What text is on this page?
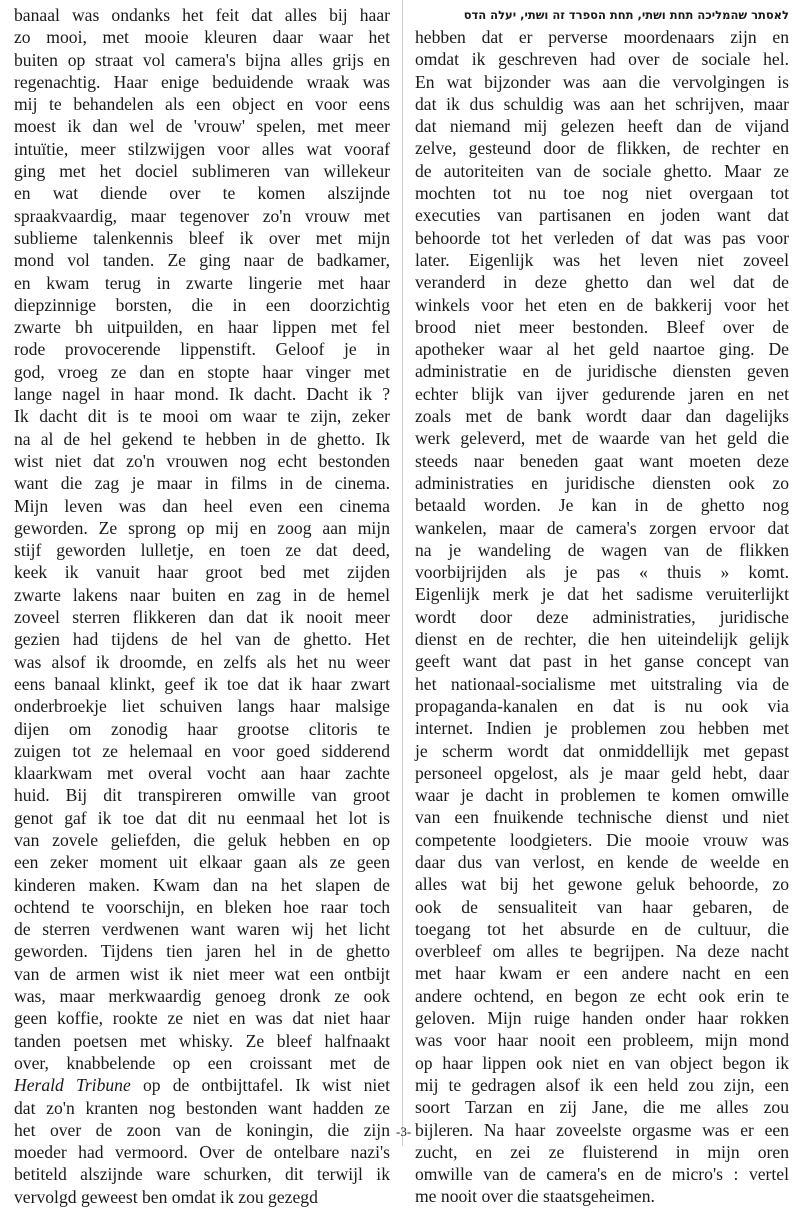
banaal was ondanks het feit dat alles bij haar
zo mooi, met mooie kleuren daar waar het
buiten op straat vol camera's bijna alles grijs en
regenachtig. Haar enige beduidende wraak was
mij te behandelen als een object en voor eens
moest ik dan wel de 'vrouw' spelen, met meer
intuïtie, meer stilzwijgen voor alles wat vooraf
ging met het dociel sublimeren van willekeur
en wat diende over te komen alszijnde
spraakvaardig, maar tegenover zo'n vrouw met
sublieme talenkennis bleef ik over met mijn
mond vol tanden. Ze ging naar de badkamer,
en kwam terug in zwarte lingerie met haar
diepzinnige borsten, die in een doorzichtig
zwarte bh uitpuilden, en haar lippen met fel
rode provocerende lippenstift. Geloof je in
god, vroeg ze dan en stopte haar vinger met
lange nagel in haar mond. Ik dacht. Dacht ik ?
Ik dacht dit is te mooi om waar te zijn, zeker
na al de hel gekend te hebben in de ghetto. Ik
wist niet dat zo'n vrouwen nog echt bestonden
want die zag je maar in films in de cinema.
Mijn leven was dan heel even een cinema
geworden. Ze sprong op mij en zoog aan mijn
stijf geworden lulletje, en toen ze dat deed,
keek ik vanuit haar groot bed met zijden
zwarte lakens naar buiten en zag in de hemel
zoveel sterren flikkeren dan dat ik nooit meer
gezien had tijdens de hel van de ghetto. Het
was alsof ik droomde, en zelfs als het nu weer
eens banaal klinkt, geef ik toe dat ik haar zwart
onderbroekje liet schuiven langs haar malsige
dijen om zonodig haar grootse clitoris te
zuigen tot ze helemaal en voor goed sidderend
klaarkwam met overal vocht aan haar zachte
huid. Bij dit transpireren omwille van groot
genot gaf ik toe dat dit nu eenmaal het lot is
van zovele geliefden, die geluk hebben en op
een zeker moment uit elkaar gaan als ze geen
kinderen maken. Kwam dan na het slapen de
ochtend te voorschijn, en bleken hoe raar toch
de sterren verdwenen want waren wij het licht
geworden. Tijdens tien jaren hel in de ghetto
van de armen wist ik niet meer wat een ontbijt
was, maar merkwaardig genoeg dronk ze ook
geen koffie, rookte ze niet en was dat niet haar
tanden poetsen met whisky. Ze bleef halfnaakt
over, knabbelende op een croissant met de
Herald Tribune op de ontbijttafel. Ik wist niet
dat zo'n kranten nog bestonden want hadden ze
het over de zoon van de koningin, die zijn
moeder had vermoord. Over de ontelbare nazi's
betiteld alszijnde ware schurken, dit terwijl ik
vervolgd geweest ben omdat ik zou gezegd
לאסתר שהמליכה תחת ושתי, תחת הספרד זה ושתי, יעלה הדס
hebben dat er perverse moordenaars zijn en
omdat ik geschreven had over de sociale hel.
En wat bijzonder was aan die vervolgingen is
dat ik dus schuldig was aan het schrijven, maar
dat niemand mij gelezen heeft dan de vijand
zelve, gesteund door de flikken, de rechter en
de autoriteiten van de sociale ghetto. Maar ze
mochten tot nu toe nog niet overgaan tot
executies van partisanen en joden want dat
behoorde tot het verleden of dat was pas voor
later. Eigenlijk was het leven niet zoveel
veranderd in deze ghetto dan wel dat de
winkels voor het eten en de bakkerij voor het
brood niet meer bestonden. Bleef over de
apotheker waar al het geld naartoe ging. De
administratie en de juridische diensten geven
echter blijk van ijver gedurende jaren en net
zoals met de bank wordt daar dan dagelijks
werk geleverd, met de waarde van het geld die
steeds naar beneden gaat want moeten deze
administraties en juridische diensten ook zo
betaald worden. Je kan in de ghetto nog
wankelen, maar de camera's zorgen ervoor dat
na je wandeling de wagen van de flikken
voorbijrijden als je pas « thuis » komt.
Eigenlijk merk je dat het sadisme veruiterlijkt
wordt door deze administraties, juridische
dienst en de rechter, die hen uiteindelijk gelijk
geeft want dat past in het ganse concept van
het nationaal-socialisme met uitstraling via de
propaganda-kanalen en dat is nu ook via
internet. Indien je problemen zou hebben met
je scherm wordt dat onmiddellijk met gepast
personeel opgelost, als je maar geld hebt, daar
waar je dacht in problemen te komen omwille
van een fnuikende technische dienst und niet
competente loodgieters. Die mooie vrouw was
daar dus van verlost, en kende de weelde en
alles wat bij het gewone geluk behoorde, zo
ook de sensualiteit van haar gebaren, de
toegang tot het absurde en de cultuur, die
overbleef om alles te begrijpen. Na deze nacht
met haar kwam er een andere nacht en een
andere ochtend, en begon ze echt ook erin te
geloven. Mijn ruige handen onder haar rokken
was voor haar nooit een probleem, mijn mond
op haar lippen ook niet en van object begon ik
mij te gedragen alsof ik een held zou zijn, een
soort Tarzan en zij Jane, die me alles zou
bijleren. Na haar zoveelste orgasme was er een
zucht, en zei ze fluisterend in mijn oren
omwille van de camera's en de micro's : vertel
me nooit over die staatsgeheimen.
-3-
